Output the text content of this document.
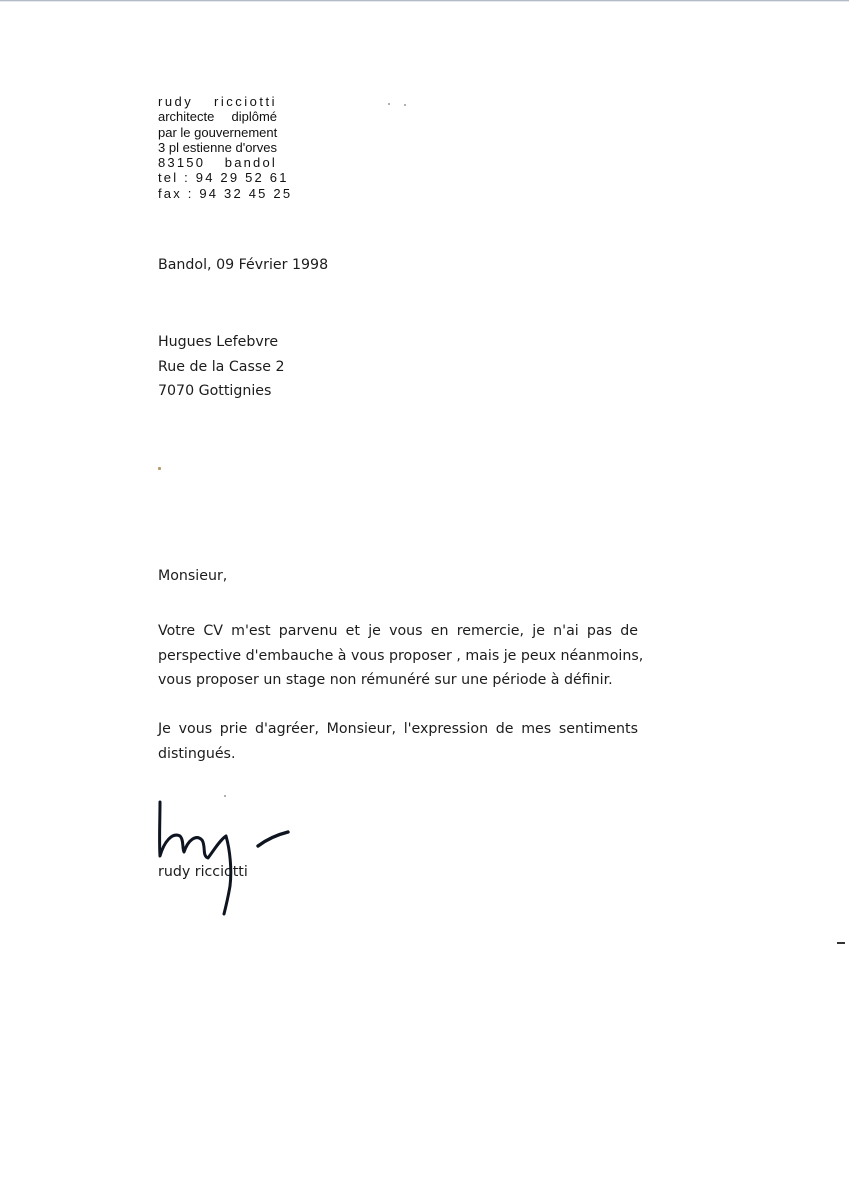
rudy ricciotti
architecte diplômé
par le gouvernement
3 pl estienne d'orves
83150 bandol
tel : 94 29 52 61
fax : 94 32 45 25
Bandol, 09 Février 1998
Hugues Lefebvre
Rue de la Casse 2
7070 Gottignies
Monsieur,
Votre CV m'est parvenu et je vous en remercie, je n'ai pas de
perspective d'embauche à vous proposer , mais je peux néanmoins,
vous proposer un stage non rémunéré sur une période à définir.
Je vous prie d'agréer, Monsieur, l'expression de mes sentiments
distingués.
rudy ricciotti
